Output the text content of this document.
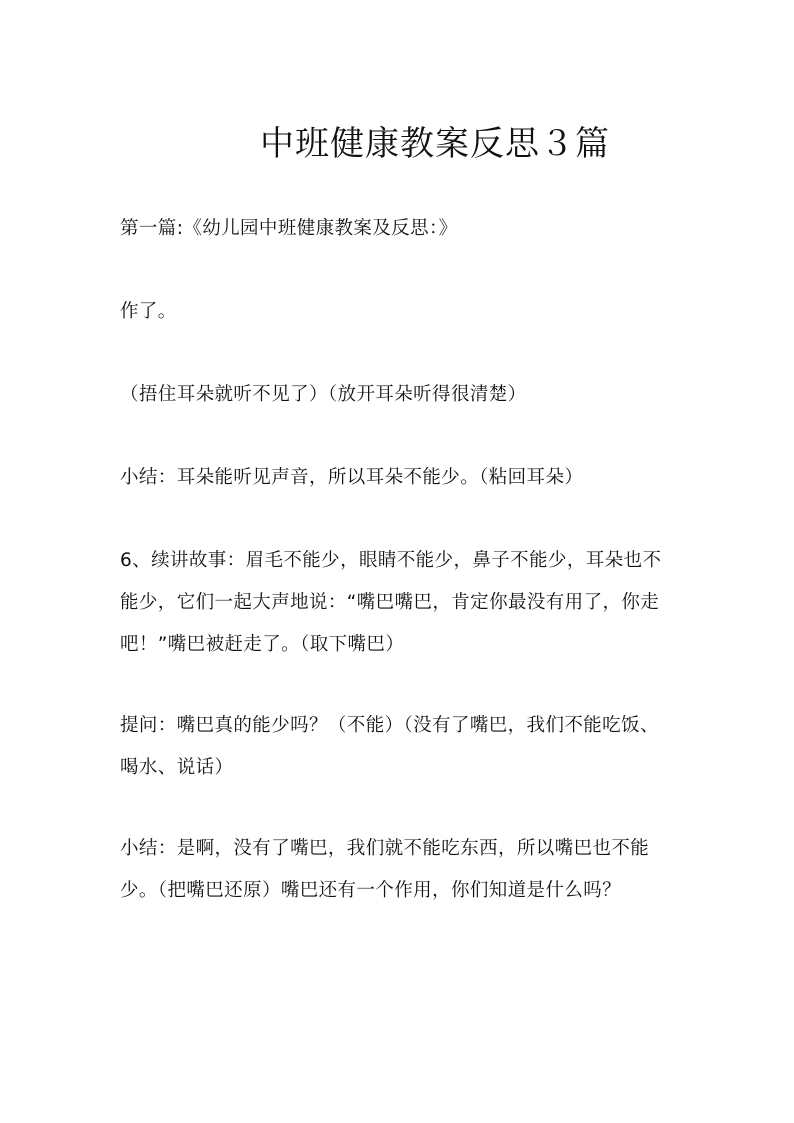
中班健康教案反思３篇

第一篇:《幼儿园中班健康教案及反思：》

作了。

（捂住耳朵就听不见了）（放开耳朵听得很清楚）

小结：耳朵能听见声音，所以耳朵不能少。（粘回耳朵）

6、续讲故事：眉毛不能少，眼睛不能少，鼻子不能少，耳朵也不能少，它们一起大声地说：“嘴巴嘴巴，肯定你最没有用了，你走吧！”嘴巴被赶走了。（取下嘴巴）

提问：嘴巴真的能少吗？（不能）（没有了嘴巴，我们不能吃饭、喝水、说话）

小结：是啊，没有了嘴巴，我们就不能吃东西，所以嘴巴也不能少。（把嘴巴还原）嘴巴还有一个作用，你们知道是什么吗？
